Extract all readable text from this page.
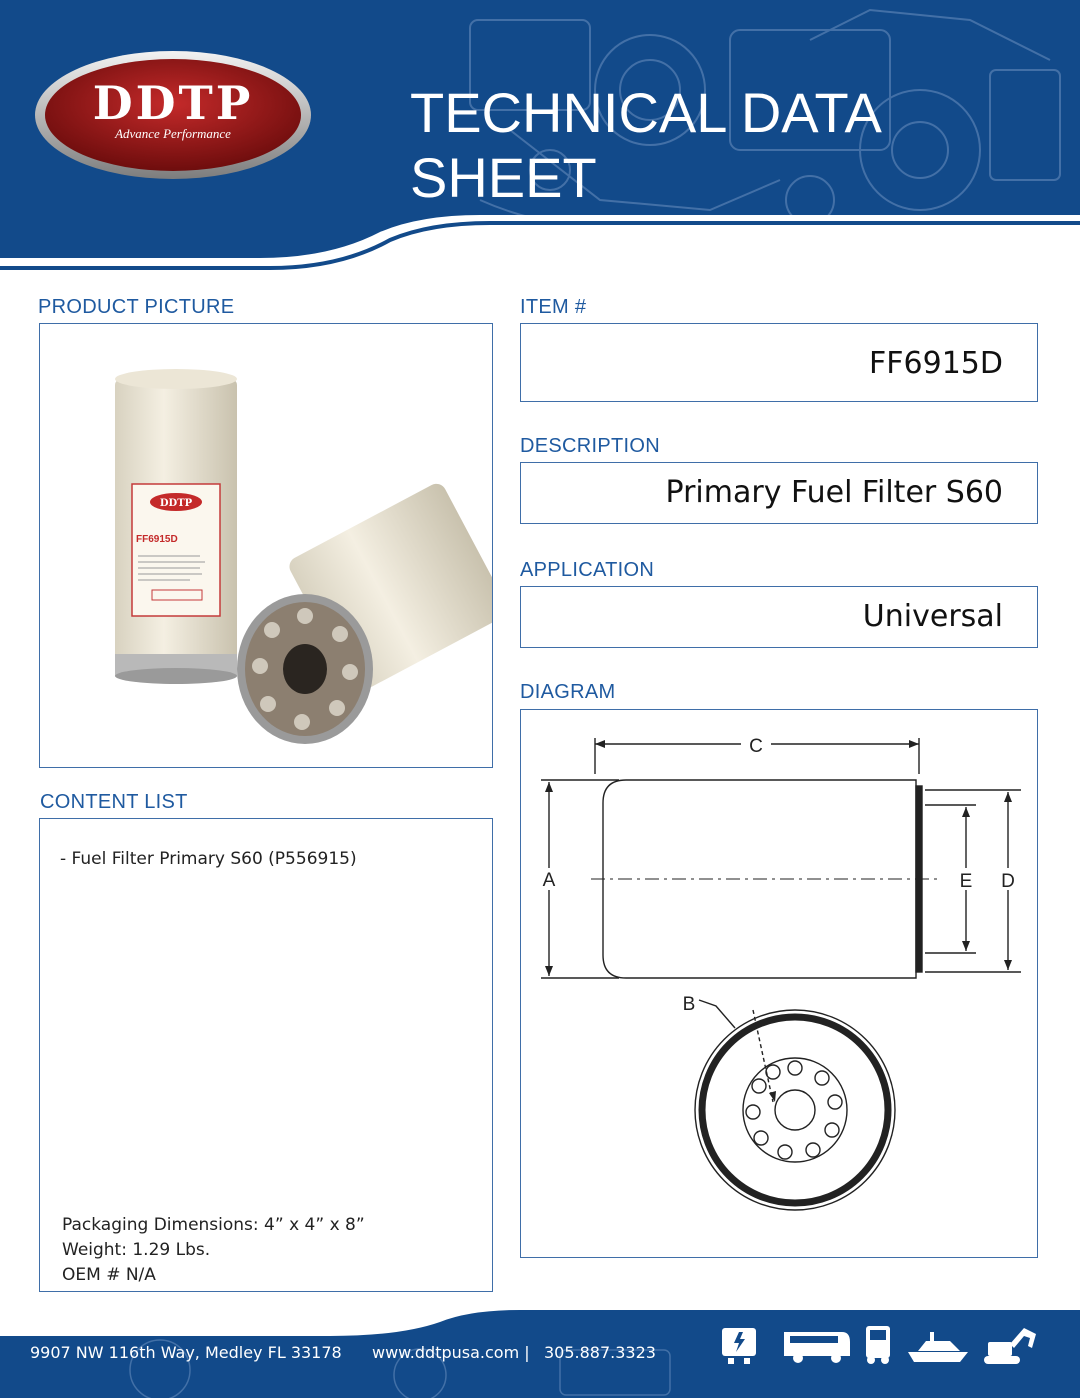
DDTP
Advance Performance	TECHNICAL DATA SHEET
PRODUCT PICTURE
DDTP
FF6915D
ITEM #
FF6915D
DESCRIPTION
Primary Fuel Filter S60
APPLICATION
Universal
DIAGRAM
C
A	E D
B
CONTENT LIST
- Fuel Filter Primary S60 (P556915)
Packaging Dimensions: 4” x 4” x 8”
Weight: 1.29 Lbs.
OEM # N/A
9907 NW 116th Way, Medley FL 33178 www.ddtpusa.com | 305.887.3323
